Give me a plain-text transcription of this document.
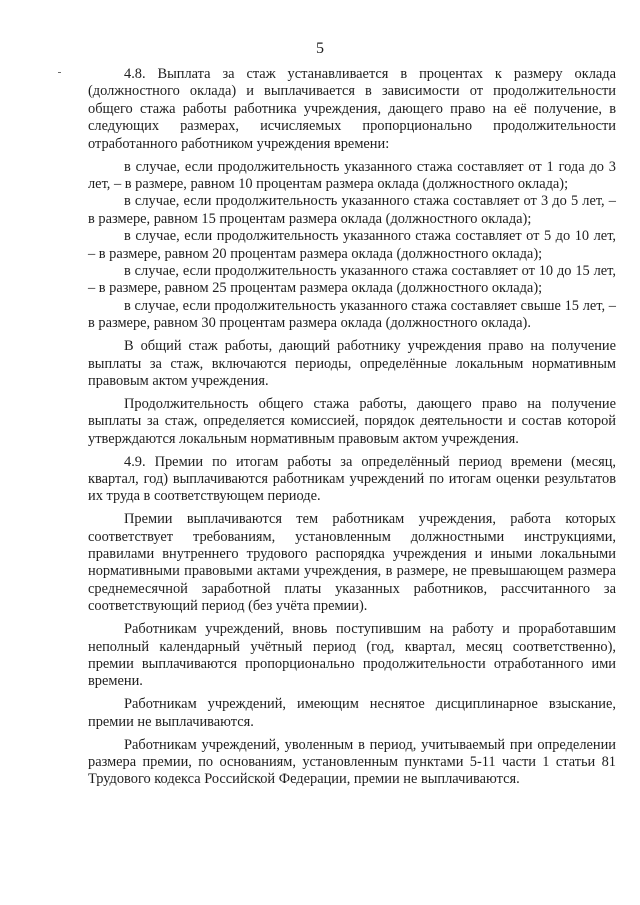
5

4.8. Выплата за стаж устанавливается в процентах к размеру оклада (должностного оклада) и выплачивается в зависимости от продолжительности общего стажа работы работника учреждения, дающего право на её получение, в следующих размерах, исчисляемых пропорционально продолжительности отработанного работником учреждения времени:

в случае, если продолжительность указанного стажа составляет от 1 года до 3 лет, – в размере, равном 10 процентам размера оклада (должностного оклада);

в случае, если продолжительность указанного стажа составляет от 3 до 5 лет, – в размере, равном 15 процентам размера оклада (должностного оклада);

в случае, если продолжительность указанного стажа составляет от 5 до 10 лет, – в размере, равном 20 процентам размера оклада (должностного оклада);

в случае, если продолжительность указанного стажа составляет от 10 до 15 лет, – в размере, равном 25 процентам размера оклада (должностного оклада);

в случае, если продолжительность указанного стажа составляет свыше 15 лет, – в размере, равном 30 процентам размера оклада (должностного оклада).

В общий стаж работы, дающий работнику учреждения право на получение выплаты за стаж, включаются периоды, определённые локальным нормативным правовым актом учреждения.

Продолжительность общего стажа работы, дающего право на получение выплаты за стаж, определяется комиссией, порядок деятельности и состав которой утверждаются локальным нормативным правовым актом учреждения.

4.9. Премии по итогам работы за определённый период времени (месяц, квартал, год) выплачиваются работникам учреждений по итогам оценки результатов их труда в соответствующем периоде.

Премии выплачиваются тем работникам учреждения, работа которых соответствует требованиям, установленным должностными инструкциями, правилами внутреннего трудового распорядка учреждения и иными локальными нормативными правовыми актами учреждения, в размере, не превышающем размера среднемесячной заработной платы указанных работников, рассчитанного за соответствующий период (без учёта премии).

Работникам учреждений, вновь поступившим на работу и проработавшим неполный календарный учётный период (год, квартал, месяц соответственно), премии выплачиваются пропорционально продолжительности отработанного ими времени.

Работникам учреждений, имеющим неснятое дисциплинарное взыскание, премии не выплачиваются.

Работникам учреждений, уволенным в период, учитываемый при определении размера премии, по основаниям, установленным пунктами 5-11 части 1 статьи 81 Трудового кодекса Российской Федерации, премии не выплачиваются.
